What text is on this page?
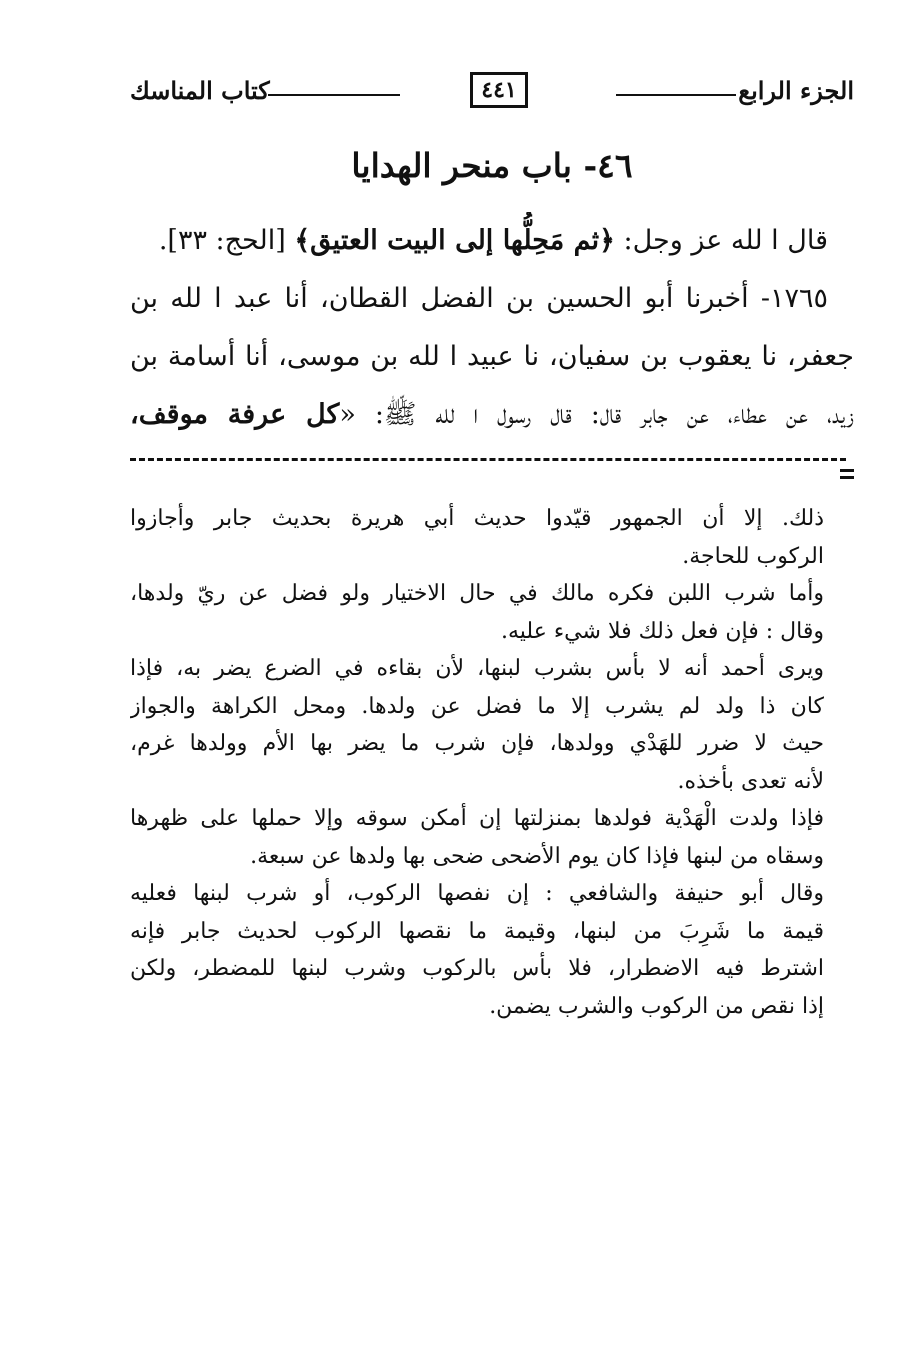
الجزء الرابع
٤٤١
كتاب المناسك
٤٦- باب منحر الهدايا
قال ا لله عز وجل: ﴿ثم مَحِلُّها إلى البيت العتيق﴾ [الحج: ٣٣].
١٧٦٥- أخبرنا أبو الحسين بن الفضل القطان، أنا عبد ا لله بن
جعفر، نا يعقوب بن سفيان، نا عبيد ا لله بن موسى، أنا أسامة بن
زيد، عن عطاء، عن جابر قال: قال رسول ا لله ﷺ: «كل عرفة موقف،
ذلك. إلا أن الجمهور قيّدوا حديث أبي هريرة بحديث جابر وأجازوا
الركوب للحاجة.
وأما شرب اللبن فكره مالك في حال الاختيار ولو فضل عن ريّ ولدها،
وقال : فإن فعل ذلك فلا شيء عليه.
ويرى أحمد أنه لا بأس بشرب لبنها، لأن بقاءه في الضرع يضر به، فإذا
كان ذا ولد لم يشرب إلا ما فضل عن ولدها. ومحل الكراهة والجواز
حيث لا ضرر للهَدْي وولدها، فإن شرب ما يضر بها الأم وولدها غرم،
لأنه تعدى بأخذه.
فإذا ولدت الْهَدْية فولدها بمنزلتها إن أمكن سوقه وإلا حملها على ظهرها
وسقاه من لبنها فإذا كان يوم الأضحى ضحى بها ولدها عن سبعة.
وقال أبو حنيفة والشافعي : إن نفصها الركوب، أو شرب لبنها فعليه
قيمة ما شَرِبَ من لبنها، وقيمة ما نقصها الركوب لحديث جابر فإنه
اشترط فيه الاضطرار، فلا بأس بالركوب وشرب لبنها للمضطر، ولكن
إذا نقص من الركوب والشرب يضمن.
